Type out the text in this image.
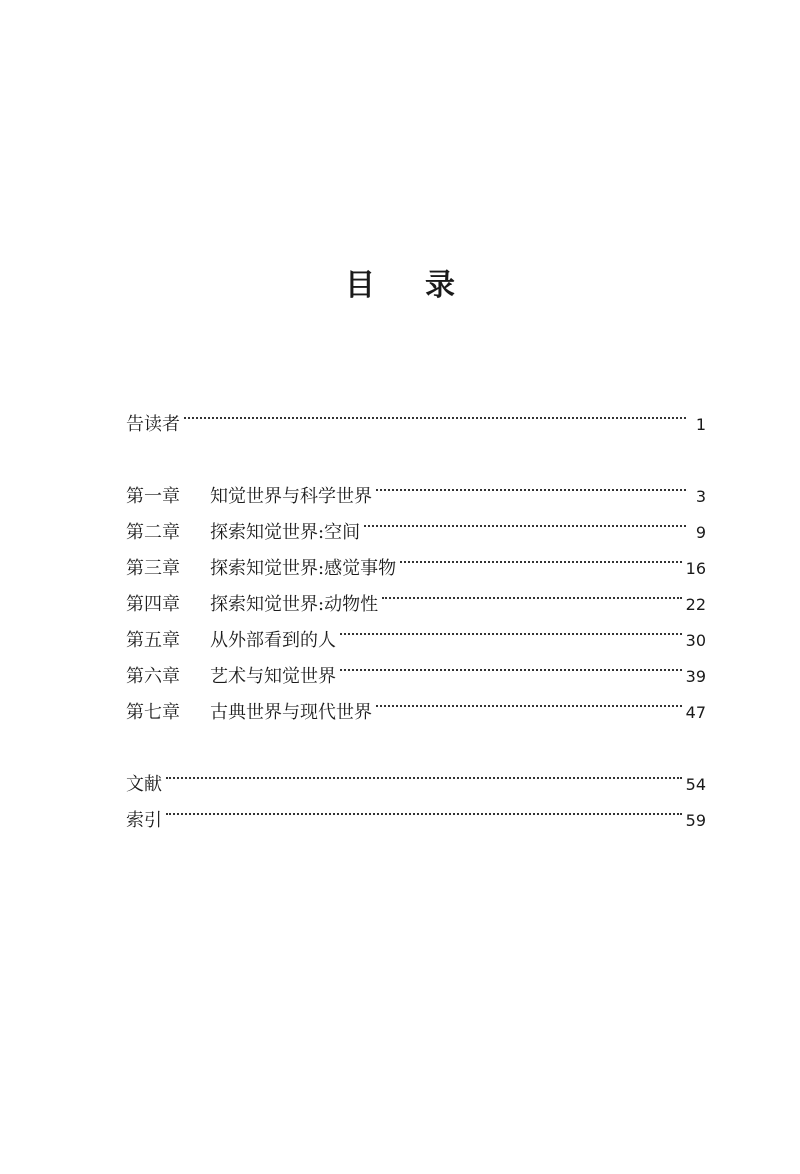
目 录
告读者	1
第一章 知觉世界与科学世界	3
第二章 探索知觉世界:空间	9
第三章 探索知觉世界:感觉事物	16
第四章 探索知觉世界:动物性	22
第五章 从外部看到的人	30
第六章 艺术与知觉世界	39
第七章 古典世界与现代世界	47
文献	54
索引	59
